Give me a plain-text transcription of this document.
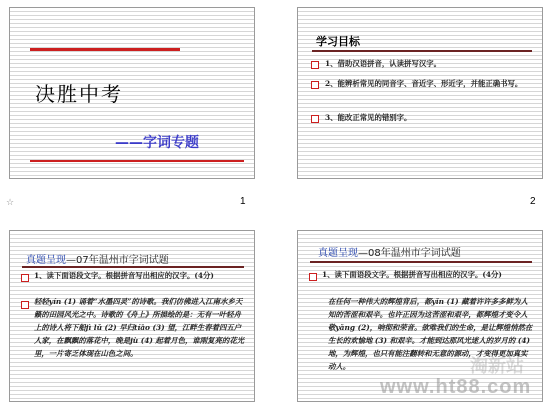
决胜中考
——字词专题
☆	1
学习目标
1、借助汉语拼音，认读拼写汉字。
2、能辨析常见的同音字、音近字、形近字，并能正确书写。
3、能改正常见的错别字。
2
真题呈现—07年温州市字词试题
1、读下面语段文字。根据拼音写出相应的汉字。(4分)
轻轻yín (1) 诵着“水墨四灵”的诗歌。我们仿佛进入江南水乡天籁的田园风光之中。诗歌的《舟上》所描绘的是：无有一叶轻舟上的诗人将下船jì lǔ (2) 早归tíāo (3) 望，江畔生春着四五户人家，在飘飘的落花中，晚是jù (4) 起着月色，谁刚复亮的花光里，一片寄乏体现在山色之间。
真题呈现—08年温州市字词试题
1、读下面语段文字。根据拼音写出相应的汉字。(4分)
在任何一种伟大的辉煌背后，都yǐn (1) 藏着许许多多鲜为人知的苦涩和艰辛。也许正因为这苦涩和艰辛，都辉煌才变令人敬yǎng (2)，响彻和荣音。欲唯我们的生命，是让辉煌悄然在生长的欢愉地 (3) 和艰辛。才能到达那风光迷人的岁月的 (4) 地，为辉煌，也只有能注翻转和无意的源动，才变得更加真实动人。	淘新站
www.ht88.com
